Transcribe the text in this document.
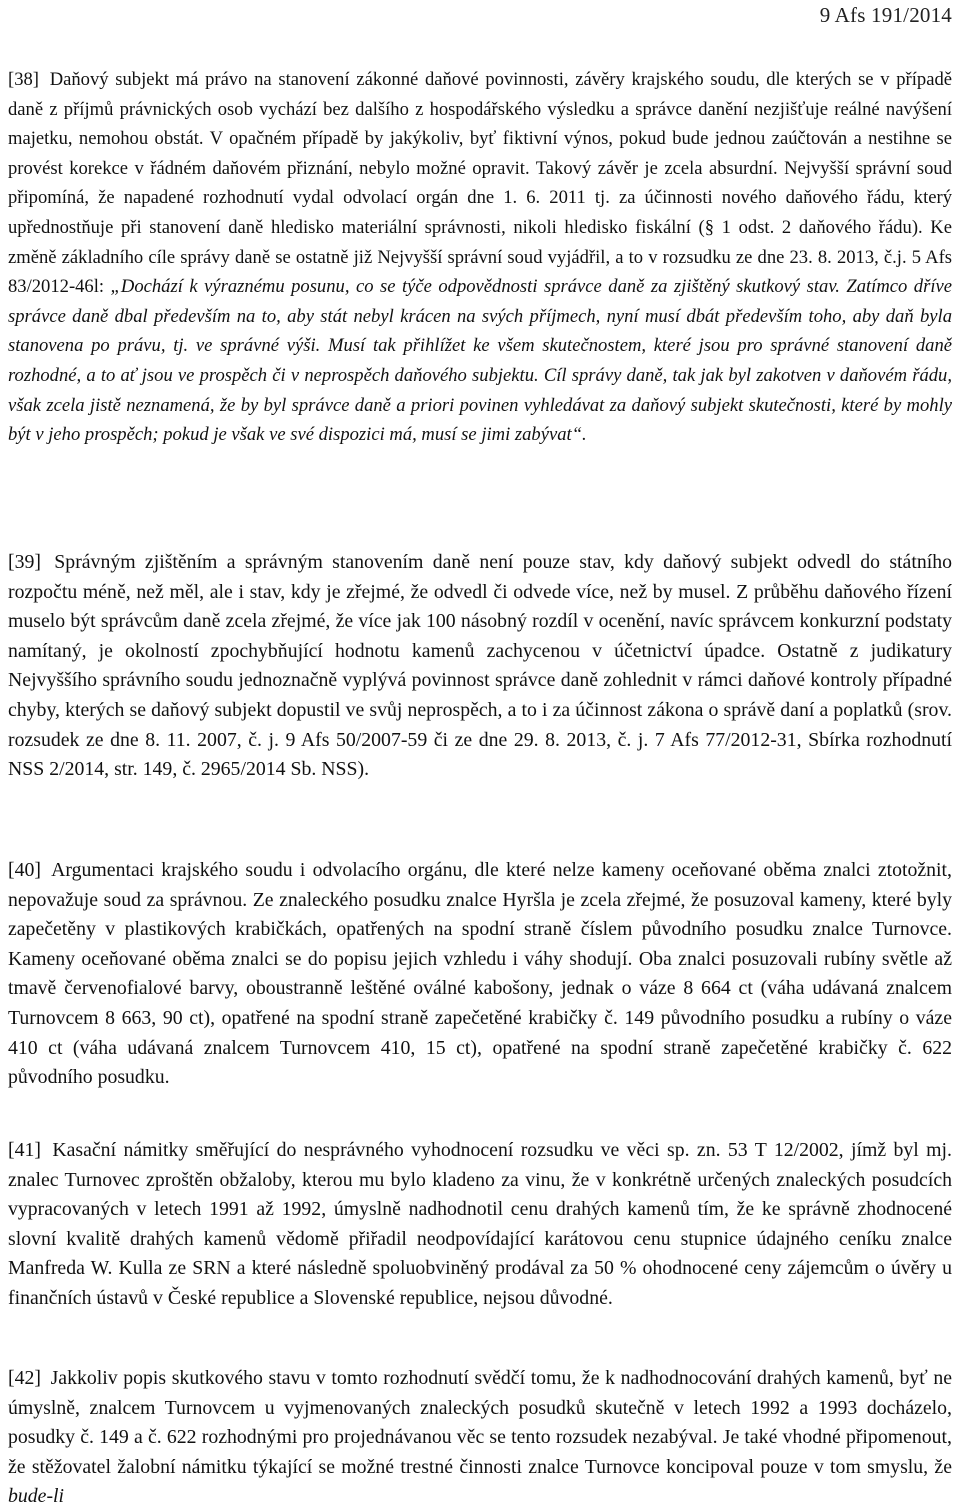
9 Afs 191/2014
[38] Daňový subjekt má právo na stanovení zákonné daňové povinnosti, závěry krajského soudu, dle kterých se v případě daně z příjmů právnických osob vychází bez dalšího z hospodářského výsledku a správce danění nezjišťuje reálné navýšení majetku, nemohou obstát. V opačném případě by jakýkoliv, byť fiktivní výnos, pokud bude jednou zaúčtován a nestihne se provést korekce v řádném daňovém přiznání, nebylo možné opravit. Takový závěr je zcela absurdní. Nejvyšší správní soud připomíná, že napadené rozhodnutí vydal odvolací orgán dne 1. 6. 2011 tj. za účinnosti nového daňového řádu, který upřednostňuje při stanovení daně hledisko materiální správnosti, nikoli hledisko fiskální (§ 1 odst. 2 daňového řádu). Ke změně základního cíle správy daně se ostatně již Nejvyšší správní soud vyjádřil, a to v rozsudku ze dne 23. 8. 2013, č.j. 5 Afs 83/2012-46l: „Dochází k výraznému posunu, co se týče odpovědnosti správce daně za zjištěný skutkový stav. Zatímco dříve správce daně dbal především na to, aby stát nebyl krácen na svých příjmech, nyní musí dbát především toho, aby daň byla stanovena po právu, tj. ve správné výši. Musí tak přihlížet ke všem skutečnostem, které jsou pro správné stanovení daně rozhodné, a to ať jsou ve prospěch či v neprospěch daňového subjektu. Cíl správy daně, tak jak byl zakotven v daňovém řádu, však zcela jistě neznamená, že by byl správce daně a priori povinen vyhledávat za daňový subjekt skutečnosti, které by mohly být v jeho prospěch; pokud je však ve své dispozici má, musí se jimi zabývat“.
[39] Správným zjištěním a správným stanovením daně není pouze stav, kdy daňový subjekt odvedl do státního rozpočtu méně, než měl, ale i stav, kdy je zřejmé, že odvedl či odvede více, než by musel. Z průběhu daňového řízení muselo být správcům daně zcela zřejmé, že více jak 100 násobný rozdíl v ocenění, navíc správcem konkurzní podstaty namítaný, je okolností zpochybňující hodnotu kamenů zachycenou v účetnictví úpadce. Ostatně z judikatury Nejvyššího správního soudu jednoznačně vyplývá povinnost správce daně zohlednit v rámci daňové kontroly případné chyby, kterých se daňový subjekt dopustil ve svůj neprospěch, a to i za účinnost zákona o správě daní a poplatků (srov. rozsudek ze dne 8. 11. 2007, č. j. 9 Afs 50/2007-59 či ze dne 29. 8. 2013, č. j. 7 Afs 77/2012-31, Sbírka rozhodnutí NSS 2/2014, str. 149, č. 2965/2014 Sb. NSS).
[40] Argumentaci krajského soudu i odvolacího orgánu, dle které nelze kameny oceňované oběma znalci ztotožnit, nepovažuje soud za správnou. Ze znaleckého posudku znalce Hyršla je zcela zřejmé, že posuzoval kameny, které byly zapečetěny v plastikových krabičkách, opatřených na spodní straně číslem původního posudku znalce Turnovce. Kameny oceňované oběma znalci se do popisu jejich vzhledu i váhy shodují. Oba znalci posuzovali rubíny světle až tmavě červenofialové barvy, oboustranně leštěné oválné kabošony, jednak o váze 8 664 ct (váha udávaná znalcem Turnovcem 8 663, 90 ct), opatřené na spodní straně zapečetěné krabičky č. 149 původního posudku a rubíny o váze 410 ct (váha udávaná znalcem Turnovcem 410, 15 ct), opatřené na spodní straně zapečetěné krabičky č. 622 původního posudku.
[41] Kasační námitky směřující do nesprávného vyhodnocení rozsudku ve věci sp. zn. 53 T 12/2002, jímž byl mj. znalec Turnovec zproštěn obžaloby, kterou mu bylo kladeno za vinu, že v konkrétně určených znaleckých posudcích vypracovaných v letech 1991 až 1992, úmyslně nadhodnotil cenu drahých kamenů tím, že ke správně zhodnocené slovní kvalitě drahých kamenů vědomě přiřadil neodpovídající karátovou cenu stupnice údajného ceníku znalce Manfreda W. Kulla ze SRN a které následně spoluobviněný prodával za 50 % ohodnocené ceny zájemcům o úvěry u finančních ústavů v České republice a Slovenské republice, nejsou důvodné.
[42] Jakkoliv popis skutkového stavu v tomto rozhodnutí svědčí tomu, že k nadhodnocování drahých kamenů, byť ne úmyslně, znalcem Turnovcem u vyjmenovaných znaleckých posudků skutečně v letech 1992 a 1993 docházelo, posudky č. 149 a č. 622 rozhodnými pro projednávanou věc se tento rozsudek nezabýval. Je také vhodné připomenout, že stěžovatel žalobní námitku týkající se možné trestné činnosti znalce Turnovce koncipoval pouze v tom smyslu, že bude-li
